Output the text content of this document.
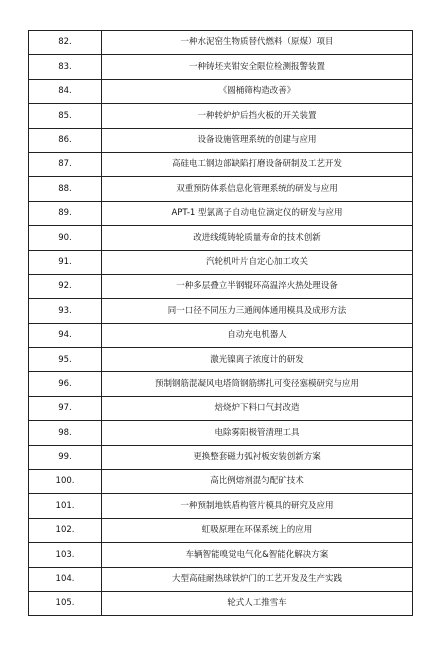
82.	一种水泥窑生物质替代燃料（原煤）项目
83.	一种铸坯夹钳安全限位检测报警装置
84.	《圆桶筛构造改善》
85.	一种转炉炉后挡火板的开关装置
86.	设备设施管理系统的创建与应用
87.	高硅电工钢边部缺陷打磨设备研制及工艺开发
88.	双重预防体系信息化管理系统的研发与应用
89.	APT-1 型氯离子自动电位滴定仪的研发与应用
90.	改进线缆铸轮质量寿命的技术创新
91.	汽轮机叶片自定心加工攻关
92.	一种多层叠立半钢辊环高温淬火热处理设备
93.	同一口径不同压力三通阀体通用模具及成形方法
94.	自动充电机器人
95.	激光镍离子浓度计的研发
96.	预制钢筋混凝风电塔筒钢筋绑扎可变径塞模研究与应用
97.	焙烧炉下料口气封改造
98.	电除雾阳极管清理工具
99.	更换整套磁力弧衬板安装创新方案
100.	高比例熔剂混匀配矿技术
101.	一种预制地铁盾构管片模具的研究及应用
102.	虹吸原理在环保系统上的应用
103.	车辆智能嗅觉电气化&智能化解决方案
104.	大型高硅耐热球铁炉门的工艺开发及生产实践
105.	轮式人工推雪车
